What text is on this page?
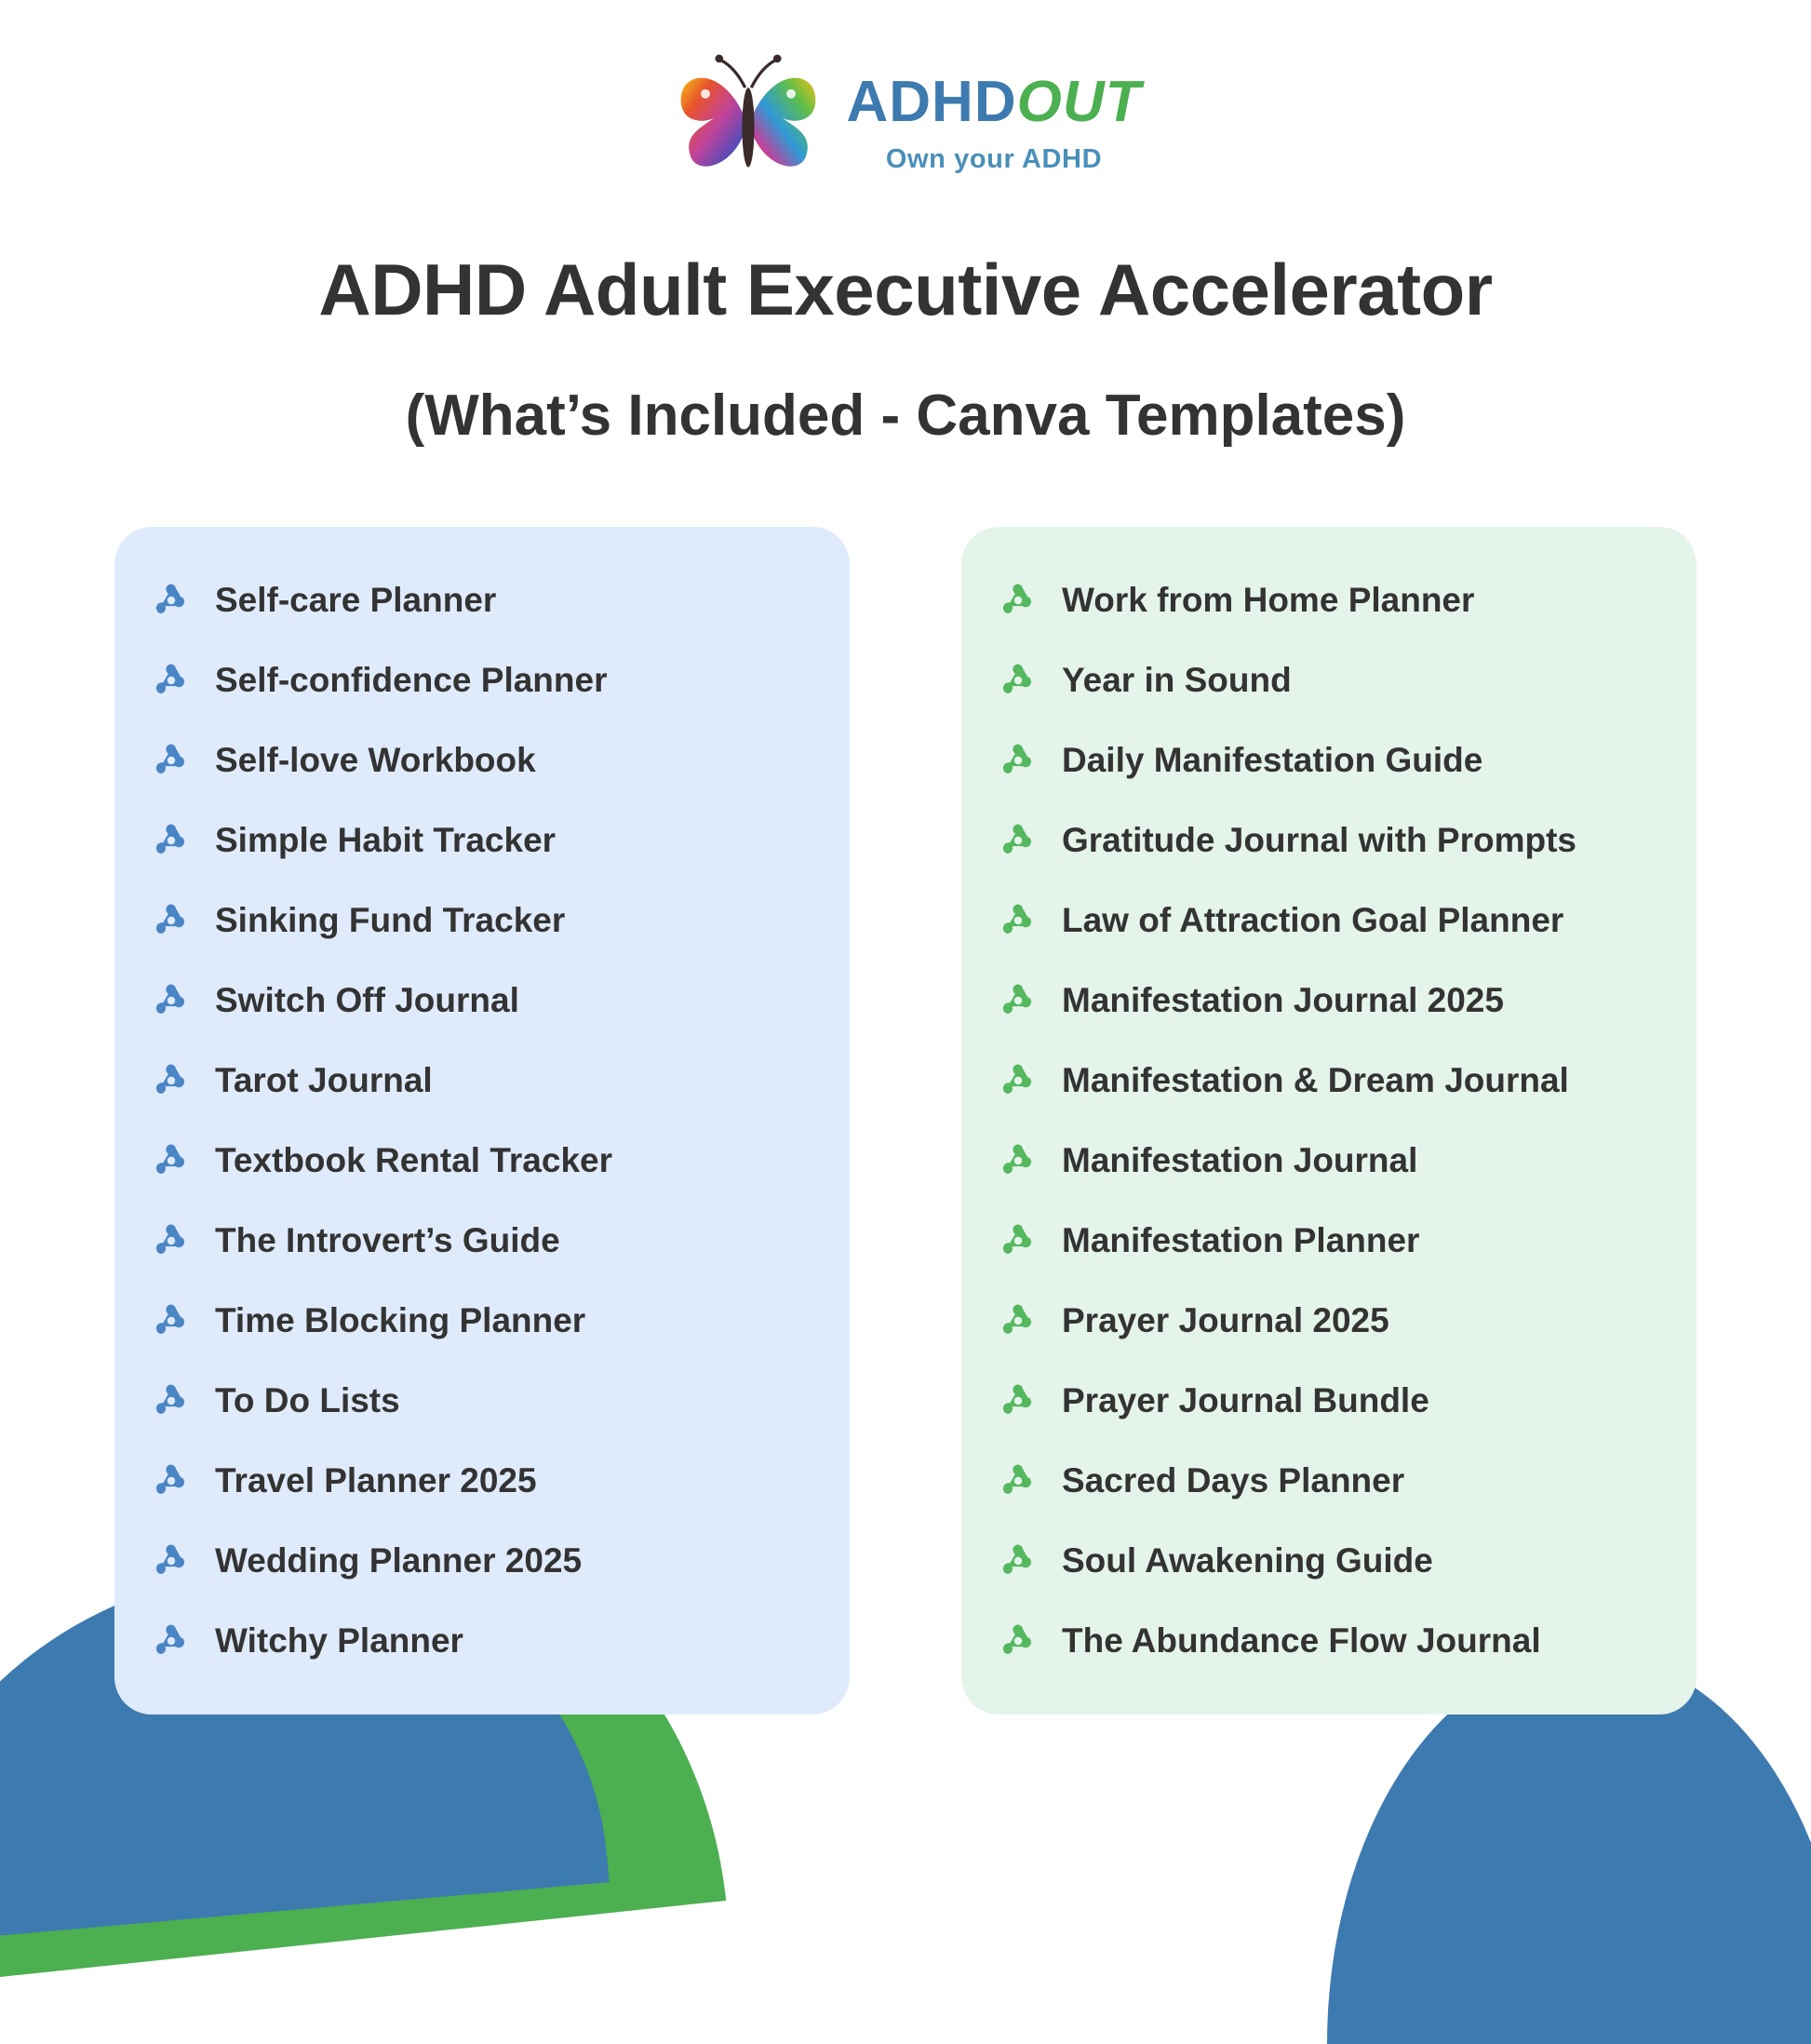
ADHDOUT
Own your ADHD
ADHD Adult Executive Accelerator
(What’s Included - Canva Templates)
Self-care Planner
Self-confidence Planner
Self-love Workbook
Simple Habit Tracker
Sinking Fund Tracker
Switch Off Journal
Tarot Journal
Textbook Rental Tracker
The Introvert’s Guide
Time Blocking Planner
To Do Lists
Travel Planner 2025
Wedding Planner 2025
Witchy Planner
Work from Home Planner
Year in Sound
Daily Manifestation Guide
Gratitude Journal with Prompts
Law of Attraction Goal Planner
Manifestation Journal 2025
Manifestation & Dream Journal
Manifestation Journal
Manifestation Planner
Prayer Journal 2025
Prayer Journal Bundle
Sacred Days Planner
Soul Awakening Guide
The Abundance Flow Journal
